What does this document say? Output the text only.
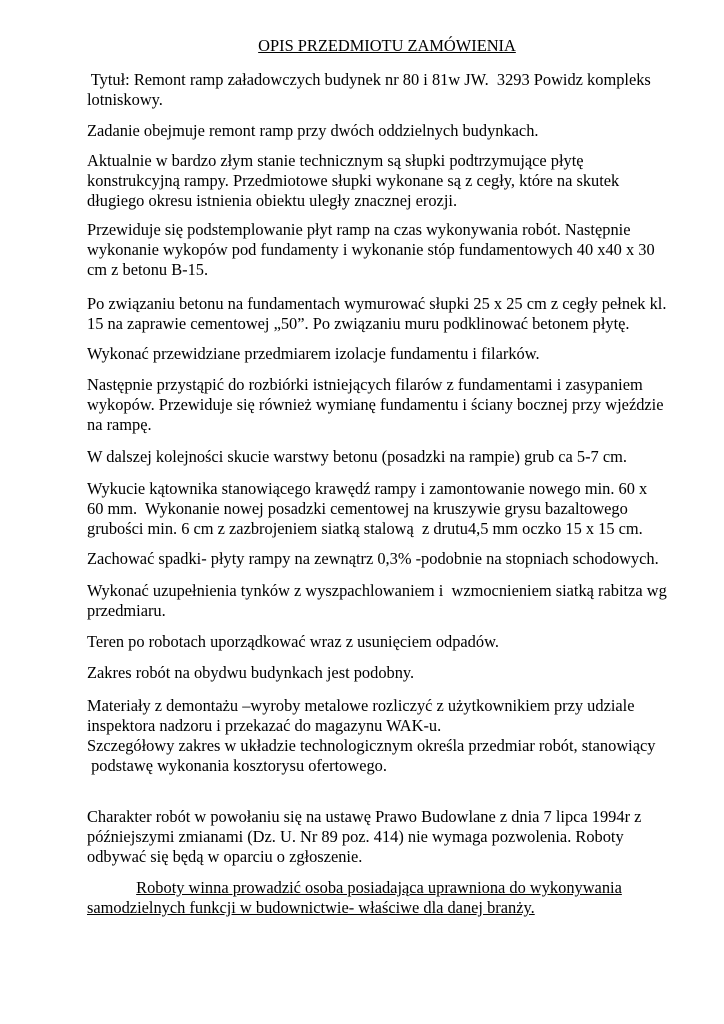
OPIS PRZEDMIOTU ZAMÓWIENIA
Tytuł: Remont ramp załadowczych budynek nr 80 i 81w JW.  3293 Powidz kompleks
lotniskowy.
Zadanie obejmuje remont ramp przy dwóch oddzielnych budynkach.
Aktualnie w bardzo złym stanie technicznym są słupki podtrzymujące płytę
konstrukcyjną rampy. Przedmiotowe słupki wykonane są z cegły, które na skutek
długiego okresu istnienia obiektu uległy znacznej erozji.
Przewiduje się podstemplowanie płyt ramp na czas wykonywania robót. Następnie
wykonanie wykopów pod fundamenty i wykonanie stóp fundamentowych 40 x40 x 30
cm z betonu B-15.
Po związaniu betonu na fundamentach wymurować słupki 25 x 25 cm z cegły pełnek kl.
15 na zaprawie cementowej „50”. Po związaniu muru podklinować betonem płytę.
Wykonać przewidziane przedmiarem izolacje fundamentu i filarków.
Następnie przystąpić do rozbiórki istniejących filarów z fundamentami i zasypaniem
wykopów. Przewiduje się również wymianę fundamentu i ściany bocznej przy wjeździe
na rampę.
W dalszej kolejności skucie warstwy betonu (posadzki na rampie) grub ca 5-7 cm.
Wykucie kątownika stanowiącego krawędź rampy i zamontowanie nowego min. 60 x
60 mm.  Wykonanie nowej posadzki cementowej na kruszywie grysu bazaltowego
grubości min. 6 cm z zazbrojeniem siatką stalową  z drutu4,5 mm oczko 15 x 15 cm.
Zachować spadki- płyty rampy na zewnątrz 0,3% -podobnie na stopniach schodowych.
Wykonać uzupełnienia tynków z wyszpachlowaniem i  wzmocnieniem siatką rabitza wg
przedmiaru.
Teren po robotach uporządkować wraz z usunięciem odpadów.
Zakres robót na obydwu budynkach jest podobny.
Materiały z demontażu –wyroby metalowe rozliczyć z użytkownikiem przy udziale
inspektora nadzoru i przekazać do magazynu WAK-u.
Szczegółowy zakres w układzie technologicznym określa przedmiar robót, stanowiący
podstawę wykonania kosztorysu ofertowego.
Charakter robót w powołaniu się na ustawę Prawo Budowlane z dnia 7 lipca 1994r z
późniejszymi zmianami (Dz. U. Nr 89 poz. 414) nie wymaga pozwolenia. Roboty
odbywać się będą w oparciu o zgłoszenie.
Roboty winna prowadzić osoba posiadająca uprawniona do wykonywania
samodzielnych funkcji w budownictwie- właściwe dla danej branży.
